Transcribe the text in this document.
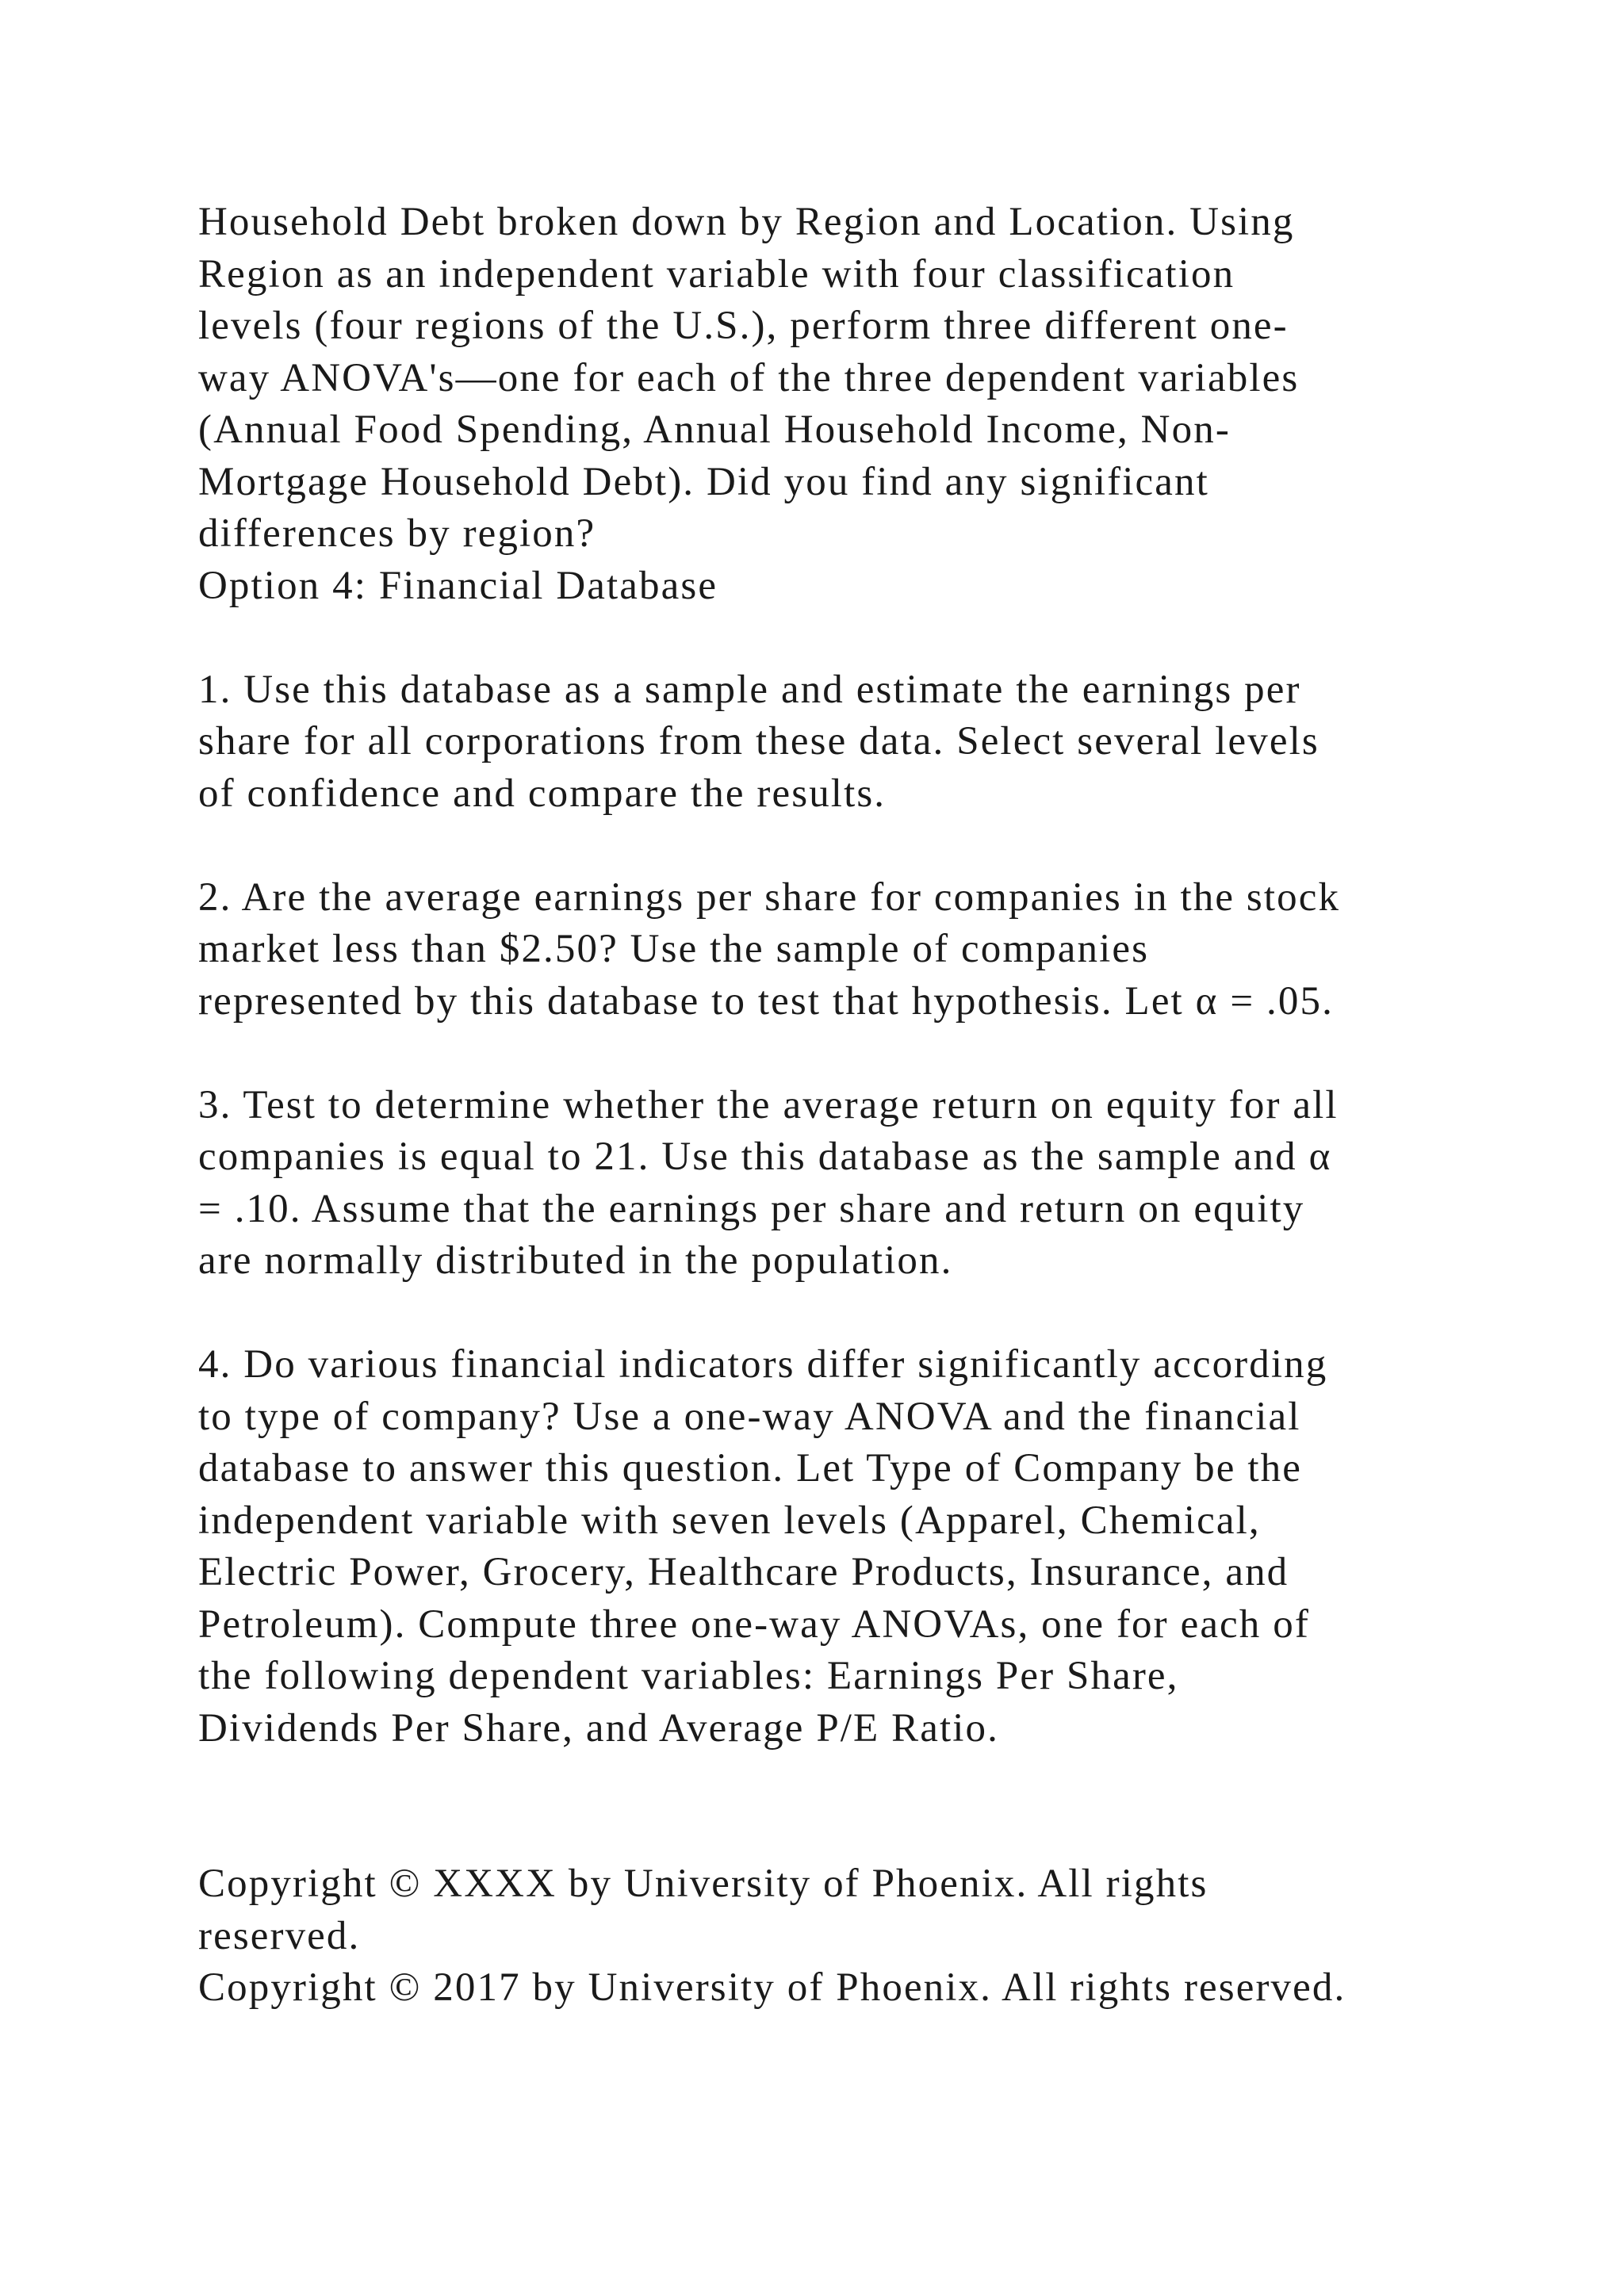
Household Debt broken down by Region and Location. Using
Region as an independent variable with four classification
levels (four regions of the U.S.), perform three different one-
way ANOVA's—one for each of the three dependent variables
(Annual Food Spending, Annual Household Income, Non-
Mortgage Household Debt). Did you find any significant
differences by region?
Option 4: Financial Database
1. Use this database as a sample and estimate the earnings per
share for all corporations from these data. Select several levels
of confidence and compare the results.
2. Are the average earnings per share for companies in the stock
market less than $2.50? Use the sample of companies
represented by this database to test that hypothesis. Let α = .05.
3. Test to determine whether the average return on equity for all
companies is equal to 21. Use this database as the sample and α
= .10. Assume that the earnings per share and return on equity
are normally distributed in the population.
4. Do various financial indicators differ significantly according
to type of company? Use a one-way ANOVA and the financial
database to answer this question. Let Type of Company be the
independent variable with seven levels (Apparel, Chemical,
Electric Power, Grocery, Healthcare Products, Insurance, and
Petroleum). Compute three one-way ANOVAs, one for each of
the following dependent variables: Earnings Per Share,
Dividends Per Share, and Average P/E Ratio.
Copyright © XXXX by University of Phoenix. All rights
reserved.
Copyright © 2017 by University of Phoenix. All rights reserved.
